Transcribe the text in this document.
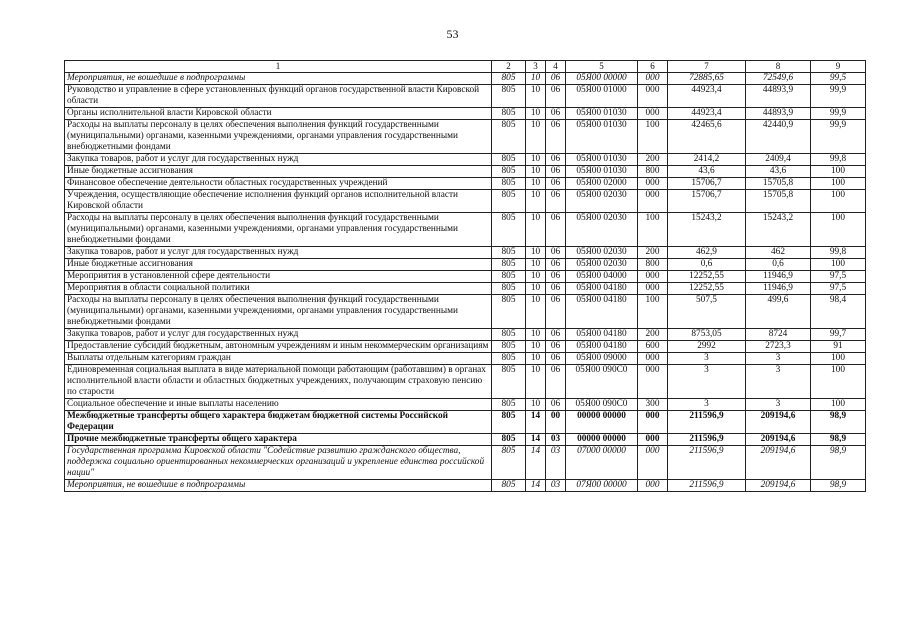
53
1	2	3	4	5	6	7	8	9
Мероприятия, не вошедшие в подпрограммы	805	10	06	05Я00 00000	000	72885,65	72549,6	99,5
Руководство и управление в сфере установленных функций органов государственной власти Кировской области	805	10	06	05Я00 01000	000	44923,4	44893,9	99,9
Органы исполнительной власти Кировской области	805	10	06	05Я00 01030	000	44923,4	44893,9	99,9
Расходы на выплаты персоналу в целях обеспечения выполнения функций государственными (муниципальными) органами, казенными учреждениями, органами управления государственными внебюджетными фондами	805	10	06	05Я00 01030	100	42465,6	42440,9	99,9
Закупка товаров, работ и услуг для государственных нужд	805	10	06	05Я00 01030	200	2414,2	2409,4	99,8
Иные бюджетные ассигнования	805	10	06	05Я00 01030	800	43,6	43,6	100
Финансовое обеспечение деятельности областных государственных учреждений	805	10	06	05Я00 02000	000	15706,7	15705,8	100
Учреждения, осуществляющие обеспечение исполнения функций органов исполнительной власти Кировской области	805	10	06	05Я00 02030	000	15706,7	15705,8	100
Расходы на выплаты персоналу в целях обеспечения выполнения функций государственными (муниципальными) органами, казенными учреждениями, органами управления государственными внебюджетными фондами	805	10	06	05Я00 02030	100	15243,2	15243,2	100
Закупка товаров, работ и услуг для государственных нужд	805	10	06	05Я00 02030	200	462,9	462	99,8
Иные бюджетные ассигнования	805	10	06	05Я00 02030	800	0,6	0,6	100
Мероприятия в установленной сфере деятельности	805	10	06	05Я00 04000	000	12252,55	11946,9	97,5
Мероприятия в области социальной политики	805	10	06	05Я00 04180	000	12252,55	11946,9	97,5
Расходы на выплаты персоналу в целях обеспечения выполнения функций государственными (муниципальными) органами, казенными учреждениями, органами управления государственными внебюджетными фондами	805	10	06	05Я00 04180	100	507,5	499,6	98,4
Закупка товаров, работ и услуг для государственных нужд	805	10	06	05Я00 04180	200	8753,05	8724	99,7
Предоставление субсидий бюджетным, автономным учреждениям и иным некоммерческим организациям	805	10	06	05Я00 04180	600	2992	2723,3	91
Выплаты отдельным категориям граждан	805	10	06	05Я00 09000	000	3	3	100
Единовременная социальная выплата в виде материальной помощи работающим (работавшим) в органах исполнительной власти области и областных бюджетных учреждениях, получающим страховую пенсию по старости	805	10	06	05Я00 090С0	000	3	3	100
Социальное обеспечение и иные выплаты населению	805	10	06	05Я00 090С0	300	3	3	100
Межбюджетные трансферты общего характера бюджетам бюджетной системы Российской Федерации	805	14	00	00000 00000	000	211596,9	209194,6	98,9
Прочие межбюджетные трансферты общего характера	805	14	03	00000 00000	000	211596,9	209194,6	98,9
Государственная программа Кировской области "Содействие развитию гражданского общества, поддержка социально ориентированных некоммерческих организаций и укрепление единства российской нации"	805	14	03	07000 00000	000	211596,9	209194,6	98,9
Мероприятия, не вошедшие в подпрограммы	805	14	03	07Я00 00000	000	211596,9	209194,6	98,9
